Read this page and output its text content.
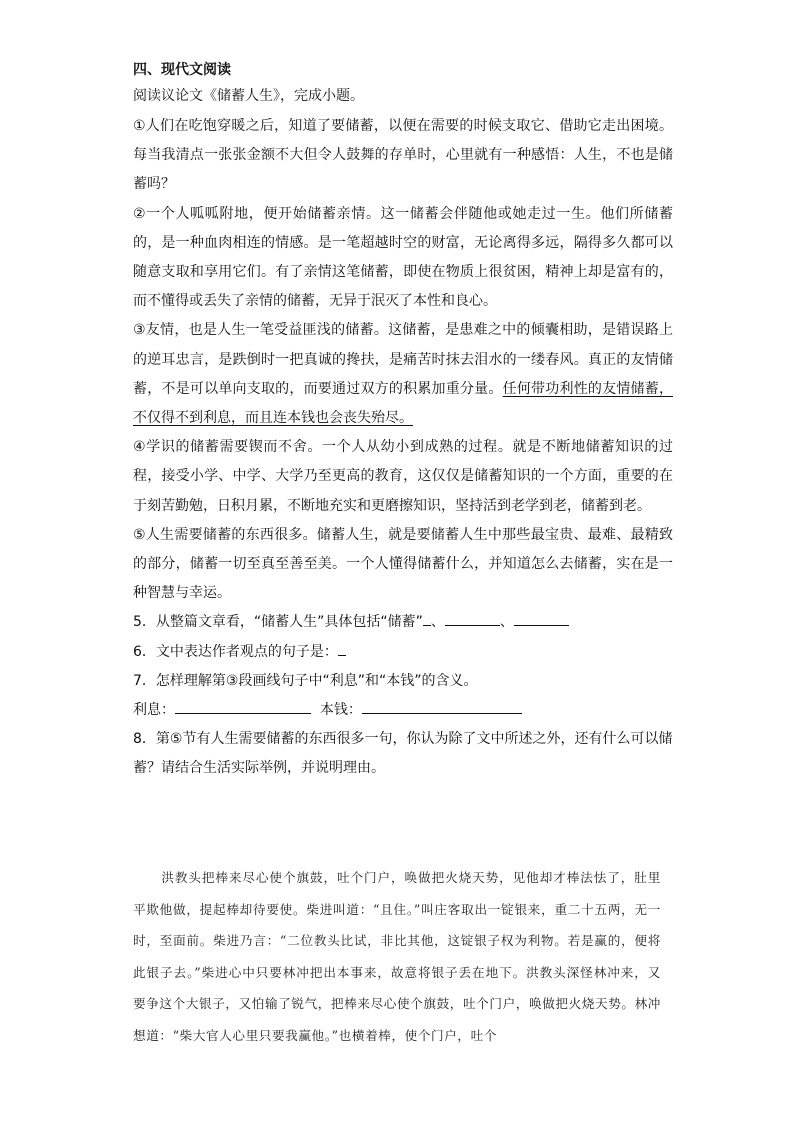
四、现代文阅读

阅读议论文《储蓄人生》，完成小题。

①人们在吃饱穿暖之后，知道了要储蓄，以便在需要的时候支取它、借助它走出困境。每当我清点一张张金额不大但令人鼓舞的存单时，心里就有一种感悟：人生，不也是储蓄吗？

②一个人呱呱附地，便开始储蓄亲情。这一储蓄会伴随他或她走过一生。他们所储蓄的，是一种血肉相连的情感。是一笔超越时空的财富，无论离得多远，隔得多久都可以随意支取和享用它们。有了亲情这笔储蓄，即使在物质上很贫困，精神上却是富有的，而不懂得或丢失了亲情的储蓄，无异于泯灭了本性和良心。

③友情，也是人生一笔受益匪浅的储蓄。这储蓄，是患难之中的倾囊相助，是错误路上的逆耳忠言，是跌倒时一把真诚的搀扶，是痛苦时抹去泪水的一缕春风。真正的友情储蓄，不是可以单向支取的，而要通过双方的积累加重分量。任何带功利性的友情储蓄，不仅得不到利息，而且连本钱也会丧失殆尽。

④学识的储蓄需要锲而不舍。一个人从幼小到成熟的过程。就是不断地储蓄知识的过程，接受小学、中学、大学乃至更高的教育，这仅仅是储蓄知识的一个方面，重要的在于刻苦勤勉，日积月累，不断地充实和更磨擦知识，坚持活到老学到老，储蓄到老。

⑤人生需要储蓄的东西很多。储蓄人生，就是要储蓄人生中那些最宝贵、最难、最精致的部分，储蓄一切至真至善至美。一个人懂得储蓄什么，并知道怎么去储蓄，实在是一种智慧与幸运。

5．从整篇文章看，“储蓄人生”具体包括“储蓄” 、	、

6．文中表达作者观点的句子是：

7．怎样理解第③段画线句子中“利息”和“本钱”的含义。

利息：	本钱：

8．第⑤节有人生需要储蓄的东西很多一句，你认为除了文中所述之外，还有什么可以储蓄？请结合生活实际举例，并说明理由。

洪教头把棒来尽心使个旗鼓，吐个门户，唤做把火烧天势，见他却才棒法怯了，肚里平欺他做，提起棒却待要使。柴进叫道：“且住。”叫庄客取出一锭银来，重二十五两，无一时，至面前。柴进乃言：“二位教头比试，非比其他，这锭银子权为利物。若是赢的，便将此银子去。”柴进心中只要林冲把出本事来，故意将银子丢在地下。洪教头深怪林冲来，又要争这个大银子，又怕输了锐气，把棒来尽心使个旗鼓，吐个门户，唤做把火烧天势。林冲想道：“柴大官人心里只要我赢他。”也横着棒，使个门户，吐个
